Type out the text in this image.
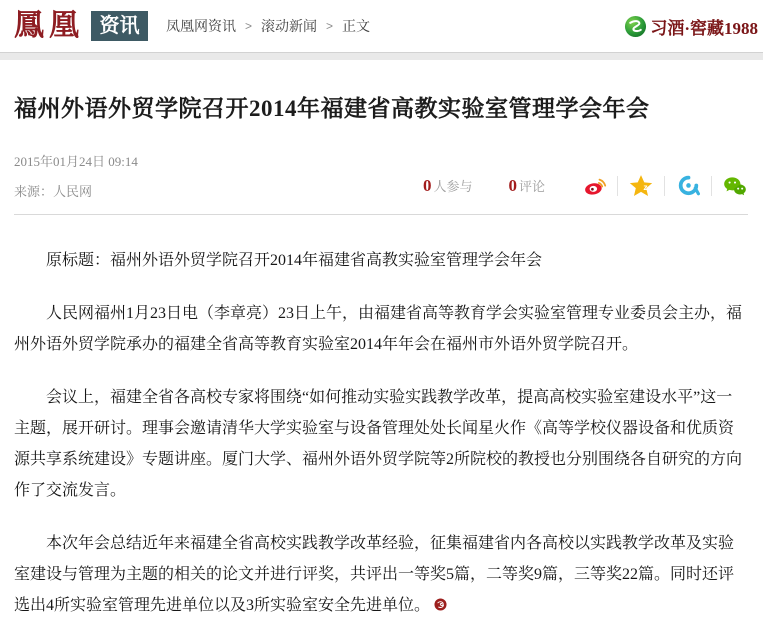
鳳凰 资讯	凤凰网资讯 > 滚动新闻 > 正文	习酒·窖藏1988
福州外语外贸学院召开2014年福建省高教实验室管理学会年会
2015年01月24日 09:14
来源：人民网	0 人参与 0 评论	z

原标题：福州外语外贸学院召开2014年福建省高教实验室管理学会年会

人民网福州1月23日电（李章亮）23日上午，由福建省高等教育学会实验室管理专业委员会主办，福州外语外贸学院承办的福建全省高等教育实验室2014年年会在福州市外语外贸学院召开。

会议上，福建全省各高校专家将围绕“如何推动实验实践教学改革，提高高校实验室建设水平”这一主题，展开研讨。理事会邀请清华大学实验室与设备管理处处长闻星火作《高等学校仪器设备和优质资源共享系统建设》专题讲座。厦门大学、福州外语外贸学院等2所院校的教授也分别围绕各自研究的方向作了交流发言。

本次年会总结近年来福建全省高校实践教学改革经验，征集福建省内各高校以实践教学改革及实验室建设与管理为主题的相关的论文并进行评奖，共评出一等奖5篇，二等奖9篇，三等奖22篇。同时还评选出4所实验室管理先进单位以及3所实验室安全先进单位。
